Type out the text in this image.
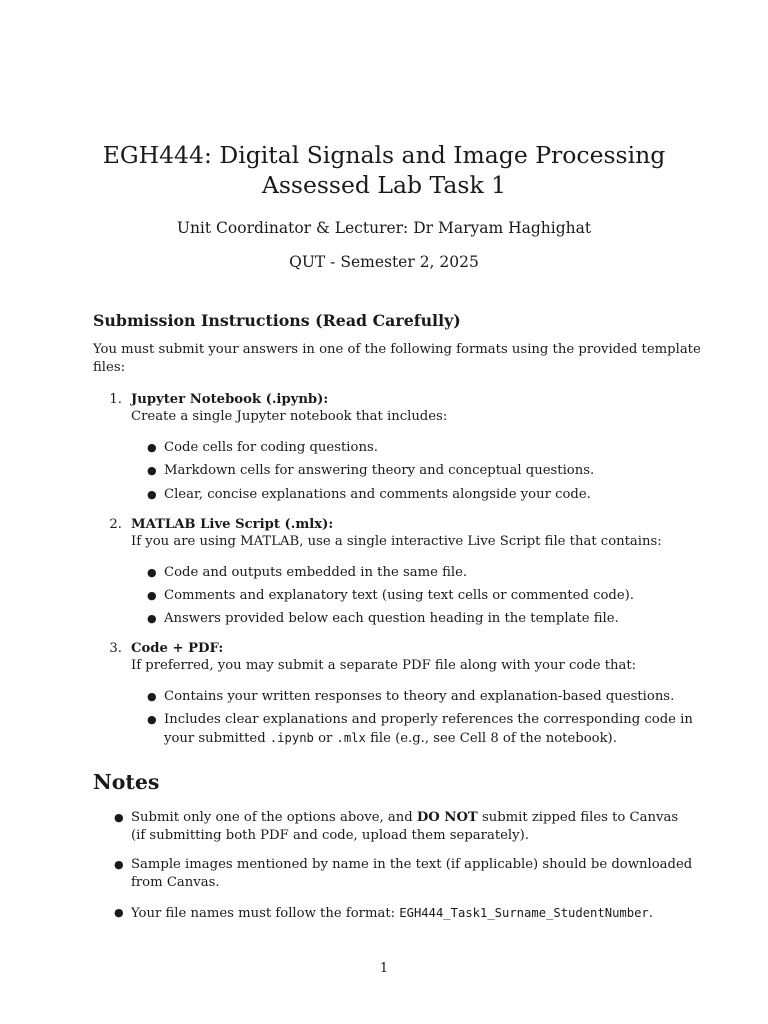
EGH444: Digital Signals and Image Processing
Assessed Lab Task 1
Unit Coordinator & Lecturer: Dr Maryam Haghighat
QUT - Semester 2, 2025
Submission Instructions (Read Carefully)
You must submit your answers in one of the following formats using the provided template
files:
1. Jupyter Notebook (.ipynb):
Create a single Jupyter notebook that includes:
● Code cells for coding questions.
● Markdown cells for answering theory and conceptual questions.
● Clear, concise explanations and comments alongside your code.
2. MATLAB Live Script (.mlx):
If you are using MATLAB, use a single interactive Live Script file that contains:
● Code and outputs embedded in the same file.
● Comments and explanatory text (using text cells or commented code).
● Answers provided below each question heading in the template file.
3. Code + PDF:
If preferred, you may submit a separate PDF file along with your code that:
● Contains your written responses to theory and explanation-based questions.
● Includes clear explanations and properly references the corresponding code in
your submitted .ipynb or .mlx file (e.g., see Cell 8 of the notebook).
Notes
● Submit only one of the options above, and DO NOT submit zipped files to Canvas
(if submitting both PDF and code, upload them separately).
● Sample images mentioned by name in the text (if applicable) should be downloaded
from Canvas.
● Your file names must follow the format: EGH444_Task1_Surname_StudentNumber.
1
